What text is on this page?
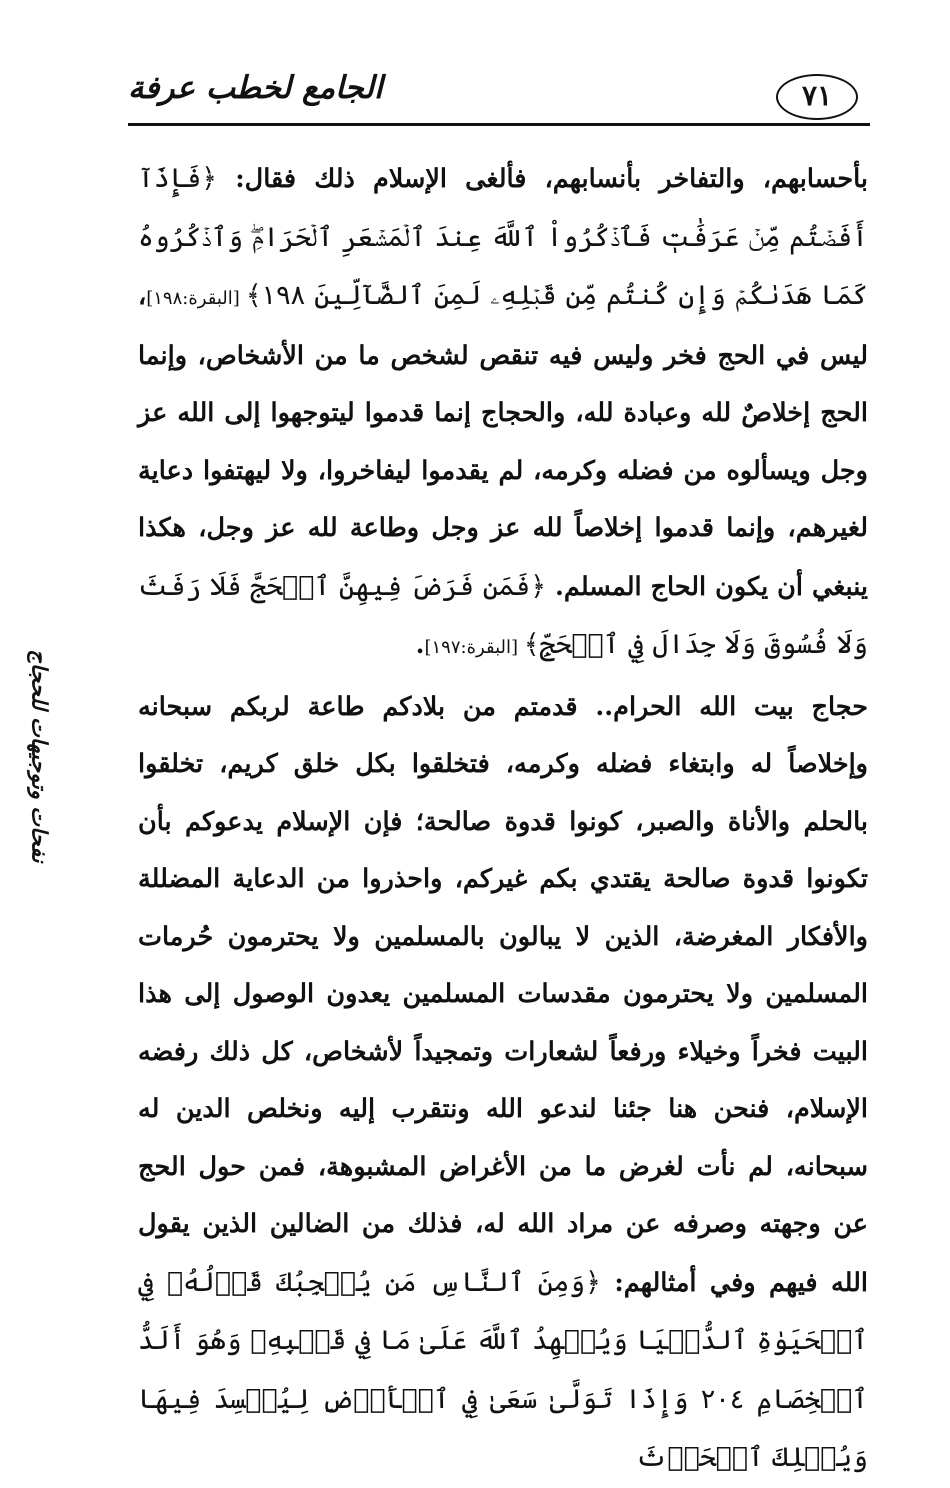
الجامع لخطب عرفة	٧١
نفحات وتوجيهات للحجاج

بأحسابهم، والتفاخر بأنسابهم، فألغى الإسلام ذلك فقال: ﴿فَإِذَآ أَفَضۡتُم مِّنۡ عَرَفَٰتٖ فَٱذۡكُرُواْ ٱللَّهَ عِندَ ٱلۡمَشۡعَرِ ٱلۡحَرَامِۖ وَٱذۡكُرُوهُ كَمَا هَدَىٰكُمۡ وَإِن كُنتُم مِّن قَبۡلِهِۦ لَمِنَ ٱلضَّآلِّينَ ١٩٨﴾ [البقرة:١٩٨]، ليس في الحج فخر وليس فيه تنقص لشخص ما من الأشخاص، وإنما الحج إخلاصٌ لله وعبادة لله، والحجاج إنما قدموا ليتوجهوا إلى الله عز وجل ويسألوه من فضله وكرمه، لم يقدموا ليفاخروا، ولا ليهتفوا دعاية لغيرهم، وإنما قدموا إخلاصاً لله عز وجل وطاعة لله عز وجل، هكذا ينبغي أن يكون الحاج المسلم. ﴿فَمَن فَرَضَ فِيهِنَّ ٱلۡحَجَّ فَلَا رَفَثَ وَلَا فُسُوقَ وَلَا جِدَالَ فِي ٱلۡحَجِّ﴾ [البقرة:١٩٧].

حجاج بيت الله الحرام.. قدمتم من بلادكم طاعة لربكم سبحانه وإخلاصاً له وابتغاء فضله وكرمه، فتخلقوا بكل خلق كريم، تخلقوا بالحلم والأناة والصبر، كونوا قدوة صالحة؛ فإن الإسلام يدعوكم بأن تكونوا قدوة صالحة يقتدي بكم غيركم، واحذروا من الدعاية المضللة والأفكار المغرضة، الذين لا يبالون بالمسلمين ولا يحترمون حُرمات المسلمين ولا يحترمون مقدسات المسلمين يعدون الوصول إلى هذا البيت فخراً وخيلاء ورفعاً لشعارات وتمجيداً لأشخاص، كل ذلك رفضه الإسلام، فنحن هنا جئنا لندعو الله ونتقرب إليه ونخلص الدين له سبحانه، لم نأت لغرض ما من الأغراض المشبوهة، فمن حول الحج عن وجهته وصرفه عن مراد الله له، فذلك من الضالين الذين يقول الله فيهم وفي أمثالهم: ﴿وَمِنَ ٱلنَّاسِ مَن يُعۡجِبُكَ قَوۡلُهُۥ فِي ٱلۡحَيَوٰةِ ٱلدُّنۡيَا وَيُشۡهِدُ ٱللَّهَ عَلَىٰ مَا فِي قَلۡبِهِۦ وَهُوَ أَلَدُّ ٱلۡخِصَامِ ٢٠٤ وَإِذَا تَوَلَّىٰ سَعَىٰ فِي ٱلۡأَرۡضِ لِيُفۡسِدَ فِيهَا وَيُهۡلِكَ ٱلۡحَرۡثَ
